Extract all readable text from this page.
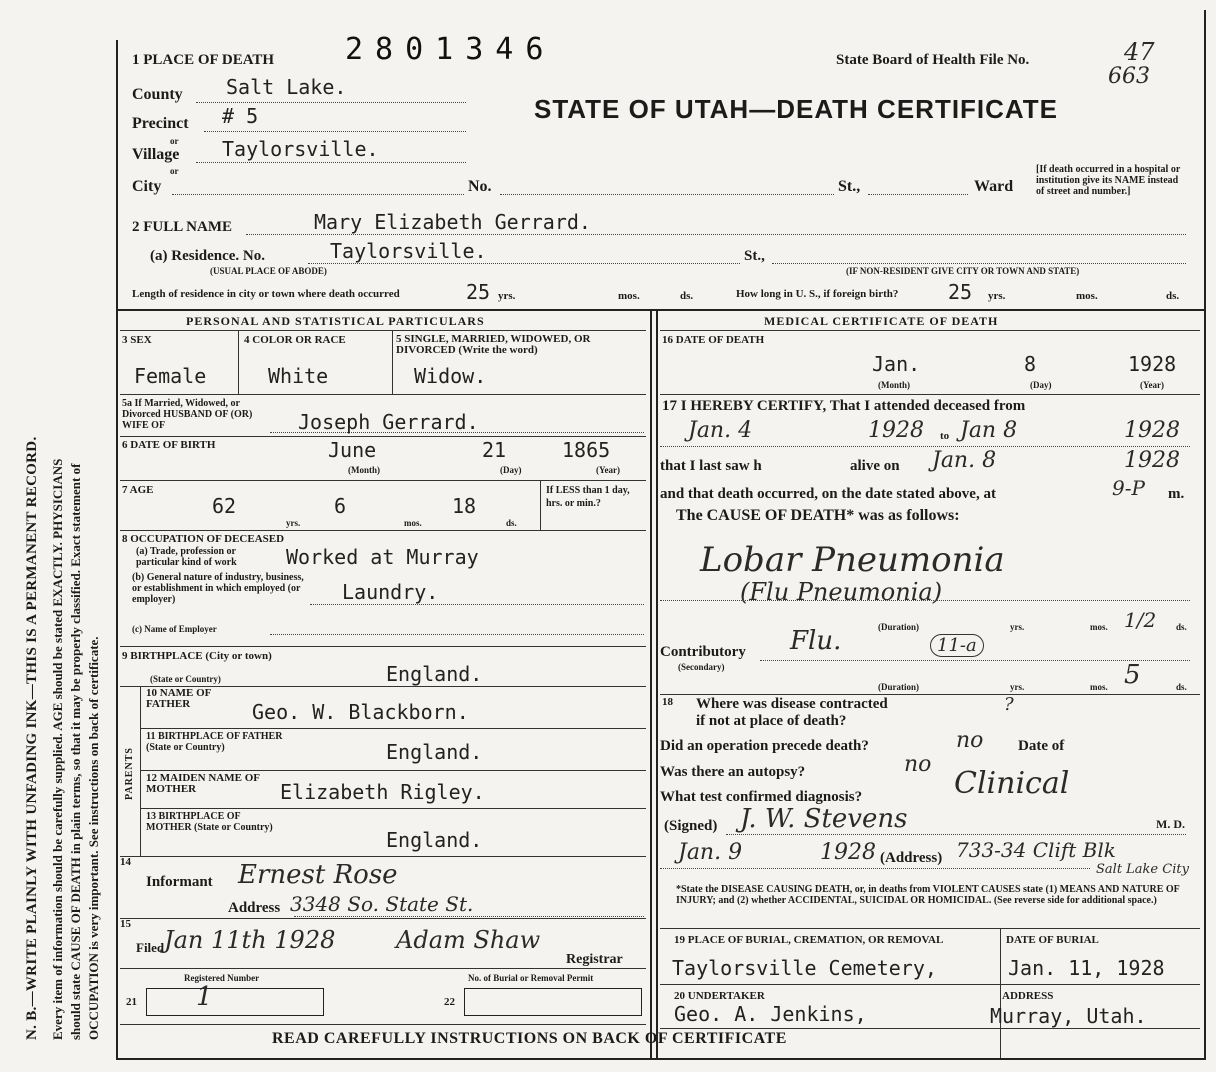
N. B.—WRITE PLAINLY WITH UNFADING INK—THIS IS A PERMANENT RECORD. Every item of information should be carefully supplied. AGE should be stated EXACTLY. PHYSICIANS should state CAUSE OF DEATH in plain terms, so that it may be properly classified. Exact statement of OCCUPATION is very important. See instructions on back of certificate.
1 PLACE OF DEATH 2801346	State Board of Health File No.	47
663
STATE OF UTAH—DEATH CERTIFICATE
County Salt Lake.
Precinct # 5
or
Village Taylorsville.
or
City	No.	St.,	Ward
[If death occurred in a hospital or institution give its NAME instead of street and number.]
2 FULL NAME	Mary Elizabeth Gerrard.
(a) Residence. No.	Taylorsville.	St.,
(USUAL PLACE OF ABODE)	(IF NON-RESIDENT GIVE CITY OR TOWN AND STATE)
Length of residence in city or town where death occurred	25 yrs.	mos.	ds.	How long in U. S., if foreign birth? 25 yrs.	mos.	ds.
PERSONAL AND STATISTICAL PARTICULARS	MEDICAL CERTIFICATE OF DEATH
3 SEX
Female
4 COLOR OR RACE
White
5 SINGLE, MARRIED, WIDOWED, OR DIVORCED (Write the word)
Widow.
5a If Married, Widowed, or Divorced HUSBAND OF (OR) WIFE OF	Joseph Gerrard.
6 DATE OF BIRTH	June	21	1865
(Month)	(Day)	(Year)
7 AGE
62	6	18
yrs.	mos.	ds.
If LESS than 1 day, hrs. or min.?
8 OCCUPATION OF DECEASED
(a) Trade, profession or particular kind of work	Worked at Murray
(b) General nature of industry, business, or establishment in which employed (or employer)	Laundry.
(c) Name of Employer
9 BIRTHPLACE (City or town)
(State or Country)	England.
PARENTS
10 NAME OF FATHER	Geo. W. Blackborn.
11 BIRTHPLACE OF FATHER (State or Country)	England.
12 MAIDEN NAME OF MOTHER	Elizabeth Rigley.
13 BIRTHPLACE OF MOTHER (State or Country)
England.
14
Informant Ernest Rose
Address 3348 So. State St.
15
Filed Jan 11th 1928	Adam Shaw
Registrar
Registered Number
21 1
No. of Burial or Removal Permit
22
16 DATE OF DEATH
Jan.	8	1928
(Month)	(Day)	(Year)
17 I HEREBY CERTIFY, That I attended deceased from
Jan. 4	1928 to Jan 8	1928
that I last saw h	alive on Jan. 8	1928
and that death occurred, on the date stated above, at	9-P m.
The CAUSE OF DEATH* was as follows:
Lobar Pneumonia
(Flu Pneumonia)
(Duration)	yrs.	mos. 1/2 ds.
Contributory
(Secondary)
Flu.	11-a
(Duration)	yrs.	mos. 5	ds.
18 Where was disease contracted
if not at place of death?
?
Did an operation precede death?	no Date of
Was there an autopsy?	no
What test confirmed diagnosis?	Clinical
(Signed) J. W. Stevens	M. D.
Jan. 9	1928 (Address) 733-34 Clift Blk
Salt Lake City
*State the DISEASE CAUSING DEATH, or, in deaths from VIOLENT CAUSES state (1) MEANS AND NATURE OF INJURY; and (2) whether ACCIDENTAL, SUICIDAL OR HOMICIDAL. (See reverse side for additional space.)
19 PLACE OF BURIAL, CREMATION, OR REMOVAL	DATE OF BURIAL
Taylorsville Cemetery,	Jan. 11, 1928
20 UNDERTAKER	ADDRESS
Geo. A. Jenkins,	Murray, Utah.
READ CAREFULLY INSTRUCTIONS ON BACK OF CERTIFICATE
